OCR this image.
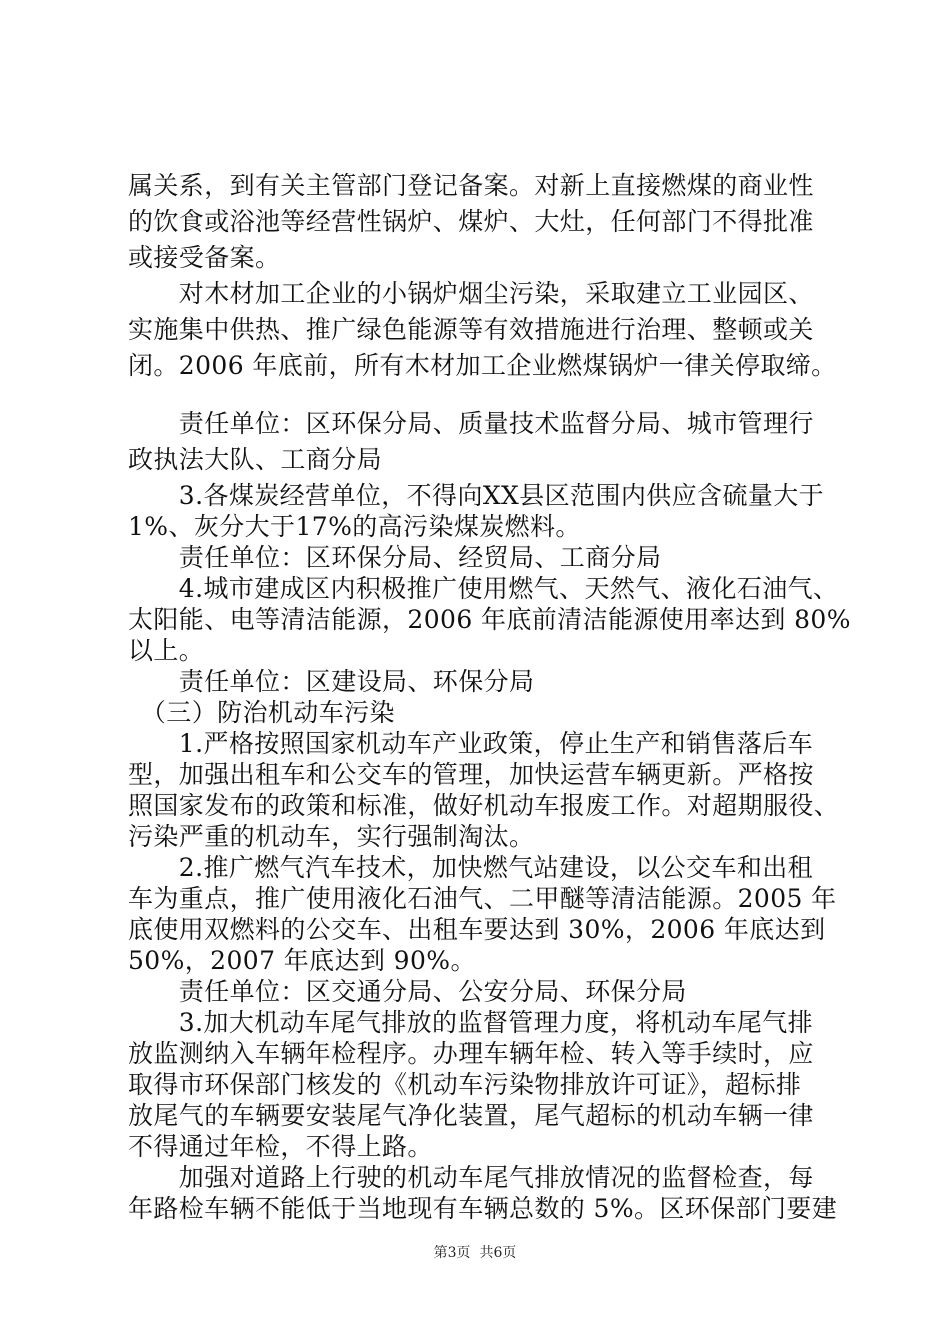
属关系，到有关主管部门登记备案。对新上直接燃煤的商业性
的饮食或浴池等经营性锅炉、煤炉、大灶，任何部门不得批准
或接受备案。
　　对木材加工企业的小锅炉烟尘污染，采取建立工业园区、
实施集中供热、推广绿色能源等有效措施进行治理、整顿或关
闭。2006 年底前，所有木材加工企业燃煤锅炉一律关停取缔。
　　责任单位：区环保分局、质量技术监督分局、城市管理行
政执法大队、工商分局
　　3.各煤炭经营单位，不得向XX县区范围内供应含硫量大于
1%、灰分大于17%的高污染煤炭燃料。
　　责任单位：区环保分局、经贸局、工商分局
　　4.城市建成区内积极推广使用燃气、天然气、液化石油气、
太阳能、电等清洁能源，2006 年底前清洁能源使用率达到 80%
以上。
　　责任单位：区建设局、环保分局
　（三）防治机动车污染
　　1.严格按照国家机动车产业政策，停止生产和销售落后车
型，加强出租车和公交车的管理，加快运营车辆更新。严格按
照国家发布的政策和标准，做好机动车报废工作。对超期服役、
污染严重的机动车，实行强制淘汰。
　　2.推广燃气汽车技术，加快燃气站建设，以公交车和出租
车为重点，推广使用液化石油气、二甲醚等清洁能源。2005 年
底使用双燃料的公交车、出租车要达到 30%，2006 年底达到
50%，2007 年底达到 90%。
　　责任单位：区交通分局、公安分局、环保分局
　　3.加大机动车尾气排放的监督管理力度，将机动车尾气排
放监测纳入车辆年检程序。办理车辆年检、转入等手续时，应
取得市环保部门核发的《机动车污染物排放许可证》，超标排
放尾气的车辆要安装尾气净化装置，尾气超标的机动车辆一律
不得通过年检，不得上路。
　　加强对道路上行驶的机动车尾气排放情况的监督检查，每
年路检车辆不能低于当地现有车辆总数的 5%。区环保部门要建
第3页  共6页
